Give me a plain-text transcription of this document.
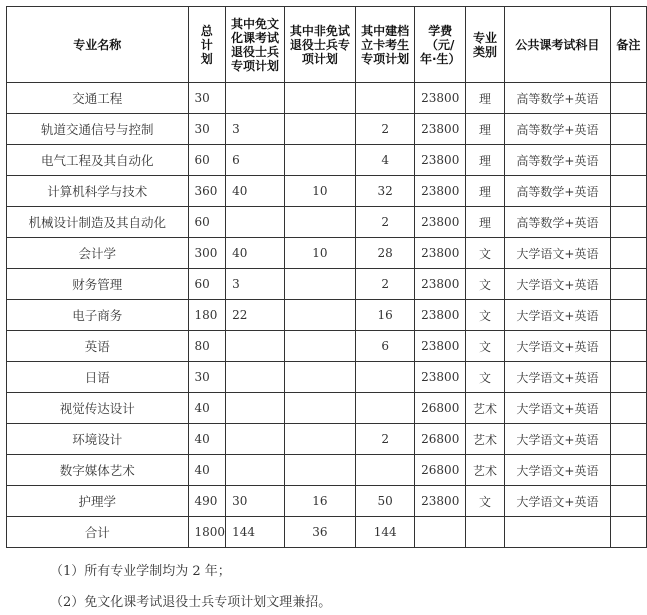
专业名称	总
计
划	其中免文
化课考试
退役士兵
专项计划	其中非免试
退役士兵专
项计划	其中建档
立卡考生
专项计划	学费
（元/
年·生）	专业
类别	公共课考试科目	备注
交通工程	30				23800	理	高等数学+英语	
轨道交通信号与控制	30	3		2	23800	理	高等数学+英语	
电气工程及其自动化	60	6		4	23800	理	高等数学+英语	
计算机科学与技术	360	40	10	32	23800	理	高等数学+英语	
机械设计制造及其自动化	60			2	23800	理	高等数学+英语	
会计学	300	40	10	28	23800	文	大学语文+英语	
财务管理	60	3		2	23800	文	大学语文+英语	
电子商务	180	22		16	23800	文	大学语文+英语	
英语	80			6	23800	文	大学语文+英语	
日语	30				23800	文	大学语文+英语	
视觉传达设计	40				26800	艺术	大学语文+英语	
环境设计	40			2	26800	艺术	大学语文+英语	
数字媒体艺术	40				26800	艺术	大学语文+英语	
护理学	490	30	16	50	23800	文	大学语文+英语	
合计	1800	144	36	144				
（1）所有专业学制均为 2 年；
（2）免文化课考试退役士兵专项计划文理兼招。
